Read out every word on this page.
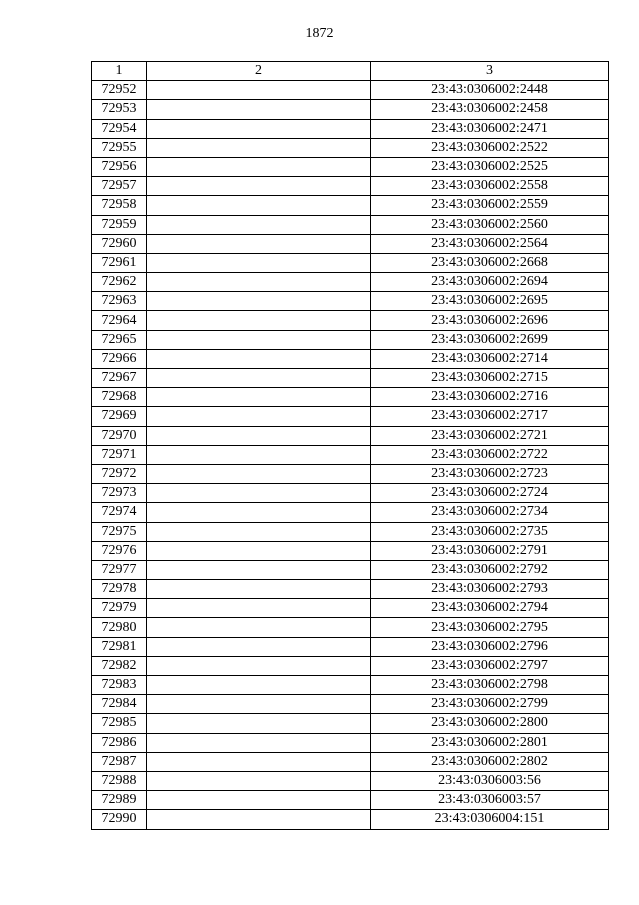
1872
1	2	3
72952		23:43:0306002:2448
72953		23:43:0306002:2458
72954		23:43:0306002:2471
72955		23:43:0306002:2522
72956		23:43:0306002:2525
72957		23:43:0306002:2558
72958		23:43:0306002:2559
72959		23:43:0306002:2560
72960		23:43:0306002:2564
72961		23:43:0306002:2668
72962		23:43:0306002:2694
72963		23:43:0306002:2695
72964		23:43:0306002:2696
72965		23:43:0306002:2699
72966		23:43:0306002:2714
72967		23:43:0306002:2715
72968		23:43:0306002:2716
72969		23:43:0306002:2717
72970		23:43:0306002:2721
72971		23:43:0306002:2722
72972		23:43:0306002:2723
72973		23:43:0306002:2724
72974		23:43:0306002:2734
72975		23:43:0306002:2735
72976		23:43:0306002:2791
72977		23:43:0306002:2792
72978		23:43:0306002:2793
72979		23:43:0306002:2794
72980		23:43:0306002:2795
72981		23:43:0306002:2796
72982		23:43:0306002:2797
72983		23:43:0306002:2798
72984		23:43:0306002:2799
72985		23:43:0306002:2800
72986		23:43:0306002:2801
72987		23:43:0306002:2802
72988		23:43:0306003:56
72989		23:43:0306003:57
72990		23:43:0306004:151
